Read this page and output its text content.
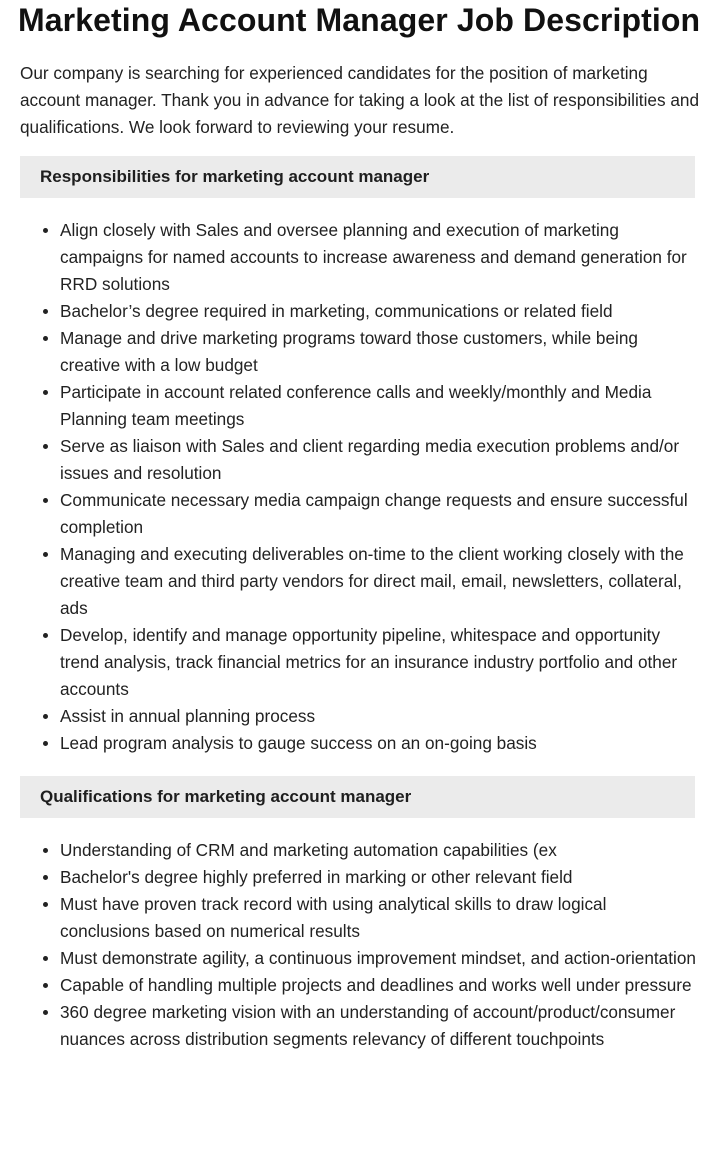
Marketing Account Manager Job Description

Our company is searching for experienced candidates for the position of marketing account manager. Thank you in advance for taking a look at the list of responsibilities and qualifications. We look forward to reviewing your resume.

Responsibilities for marketing account manager
Align closely with Sales and oversee planning and execution of marketing campaigns for named accounts to increase awareness and demand generation for RRD solutions
Bachelor’s degree required in marketing, communications or related field
Manage and drive marketing programs toward those customers, while being creative with a low budget
Participate in account related conference calls and weekly/monthly and Media Planning team meetings
Serve as liaison with Sales and client regarding media execution problems and/or issues and resolution
Communicate necessary media campaign change requests and ensure successful completion
Managing and executing deliverables on-time to the client working closely with the creative team and third party vendors for direct mail, email, newsletters, collateral, ads
Develop, identify and manage opportunity pipeline, whitespace and opportunity trend analysis, track financial metrics for an insurance industry portfolio and other accounts
Assist in annual planning process
Lead program analysis to gauge success on an on-going basis
Qualifications for marketing account manager
Understanding of CRM and marketing automation capabilities (ex
Bachelor's degree highly preferred in marking or other relevant field
Must have proven track record with using analytical skills to draw logical conclusions based on numerical results
Must demonstrate agility, a continuous improvement mindset, and action-orientation
Capable of handling multiple projects and deadlines and works well under pressure
360 degree marketing vision with an understanding of account/product/consumer nuances across distribution segments relevancy of different touchpoints
